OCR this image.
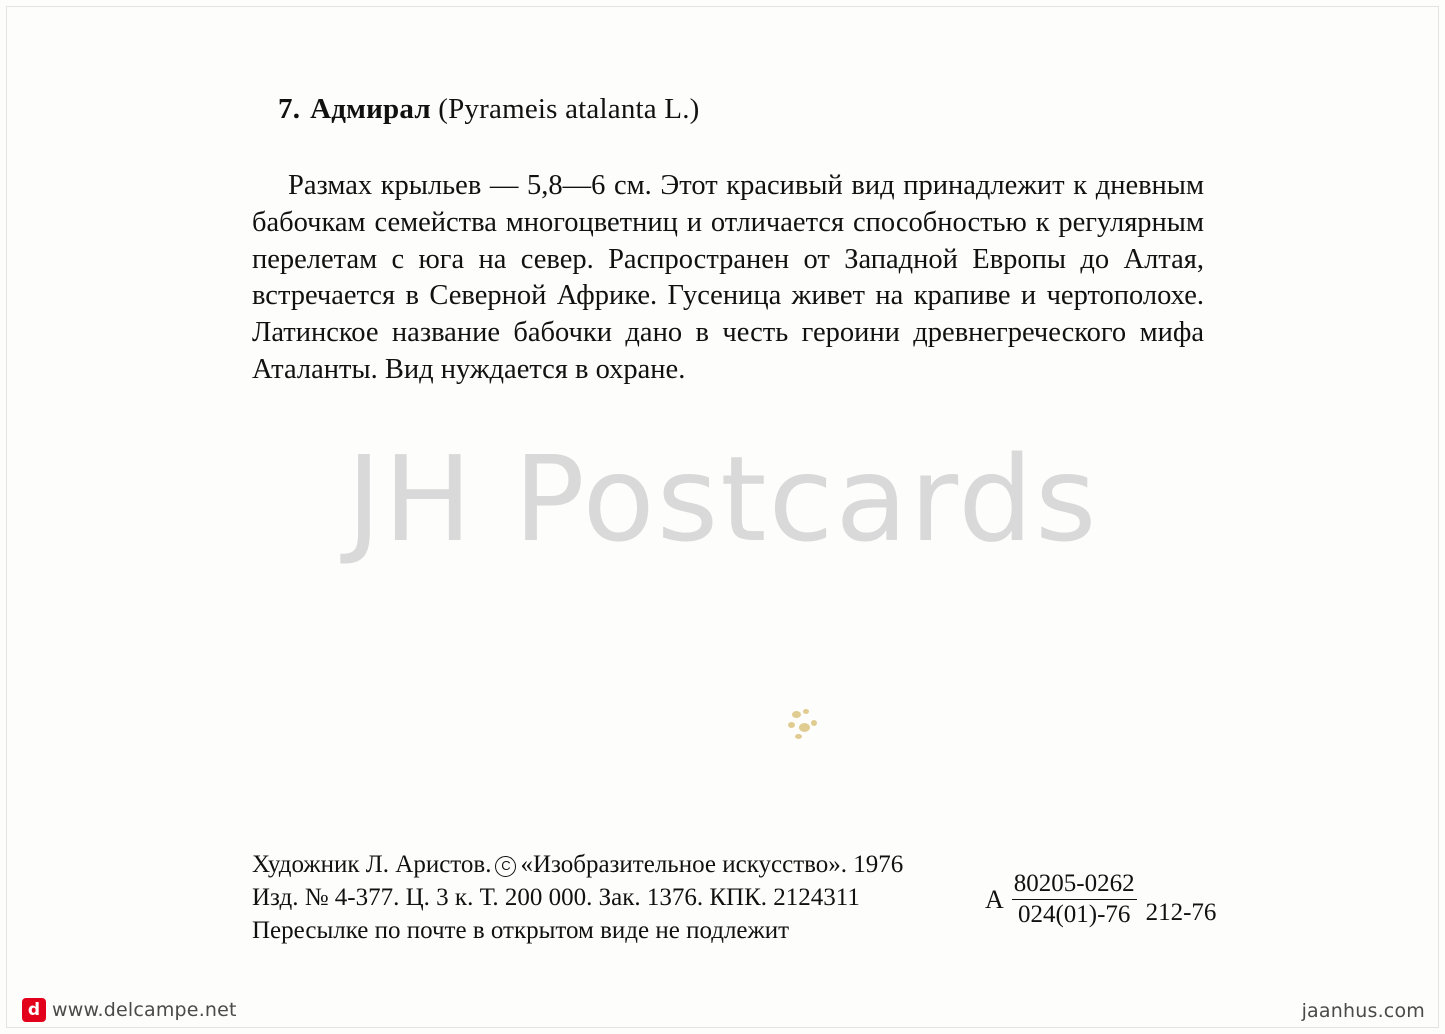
7. Адмирал (Pyrameis atalanta L.)
Размах крыльев — 5,8—6 см. Этот красивый вид принадлежит к дневным бабочкам семейства многоцветниц и отличается способностью к регулярным перелетам с юга на север. Распространен от Западной Европы до Алтая, встречается в Северной Африке. Гусеница живет на крапиве и чертополохе. Латинское название бабочки дано в честь героини древнегреческого мифа Аталанты. Вид нуждается в охране.
JH Postcards
Художник Л. Аристов. C «Изобразительное искусство». 1976
Изд. № 4-377. Ц. 3 к. Т. 200 000. Зак. 1376. КПК. 2124311
Пересылке по почте в открытом виде не подлежит
А $\frac{80205-0262}{024(01)-76} 212-76$
d www.delcampe.net	jaanhus.com
